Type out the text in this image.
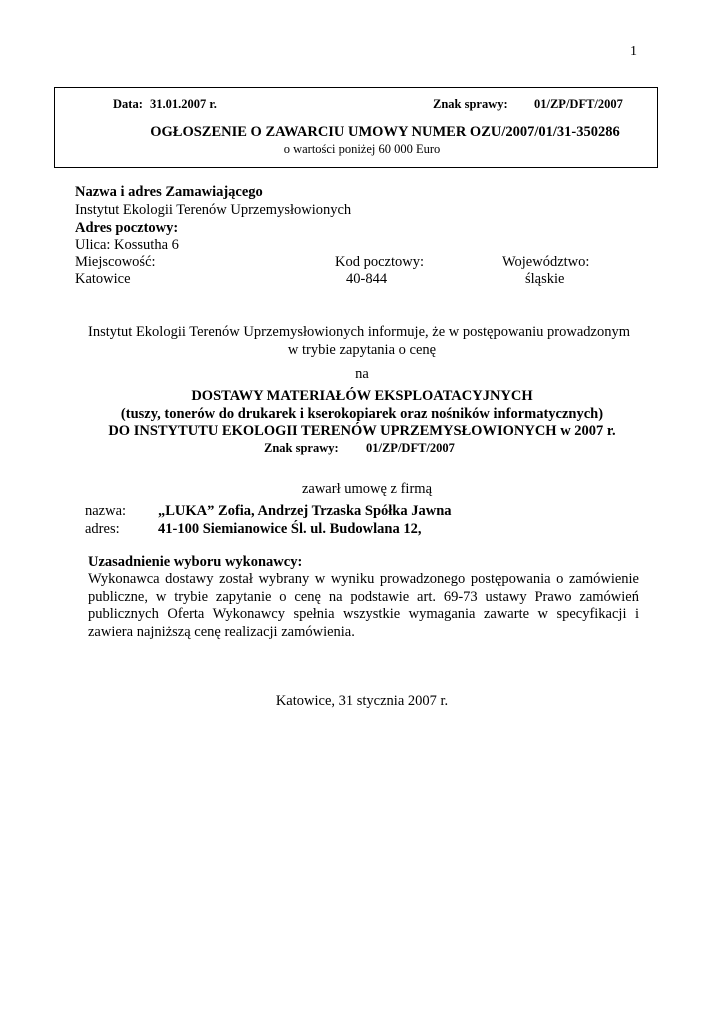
1
Data: 31.01.2007 r.	Znak sprawy: 01/ZP/DFT/2007
OGŁOSZENIE O ZAWARCIU UMOWY NUMER OZU/2007/01/31-350286
o wartości poniżej 60 000 Euro
Nazwa i adres Zamawiającego
Instytut Ekologii Terenów Uprzemysłowionych
Adres pocztowy:
Ulica: Kossutha 6
Miejscowość:	Kod pocztowy:	Województwo:
Katowice	40-844	śląskie
Instytut Ekologii Terenów Uprzemysłowionych informuje, że w postępowaniu prowadzonym
w trybie zapytania o cenę
na
DOSTAWY MATERIAŁÓW EKSPLOATACYJNYCH
(tuszy, tonerów do drukarek i kserokopiarek oraz nośników informatycznych)
DO INSTYTUTU EKOLOGII TERENÓW UPRZEMYSŁOWIONYCH w 2007 r.
Znak sprawy: 01/ZP/DFT/2007
zawarł umowę z firmą
nazwa: „LUKA” Zofia, Andrzej Trzaska Spółka Jawna
adres:	41-100 Siemianowice Śl. ul. Budowlana 12,
Uzasadnienie wyboru wykonawcy:
Wykonawca dostawy został wybrany w wyniku prowadzonego postępowania o zamówienie
publiczne, w trybie zapytanie o cenę na podstawie art. 69-73 ustawy Prawo zamówień
publicznych Oferta Wykonawcy spełnia wszystkie wymagania zawarte w specyfikacji i
zawiera najniższą cenę realizacji zamówienia.
Katowice, 31 stycznia 2007 r.
